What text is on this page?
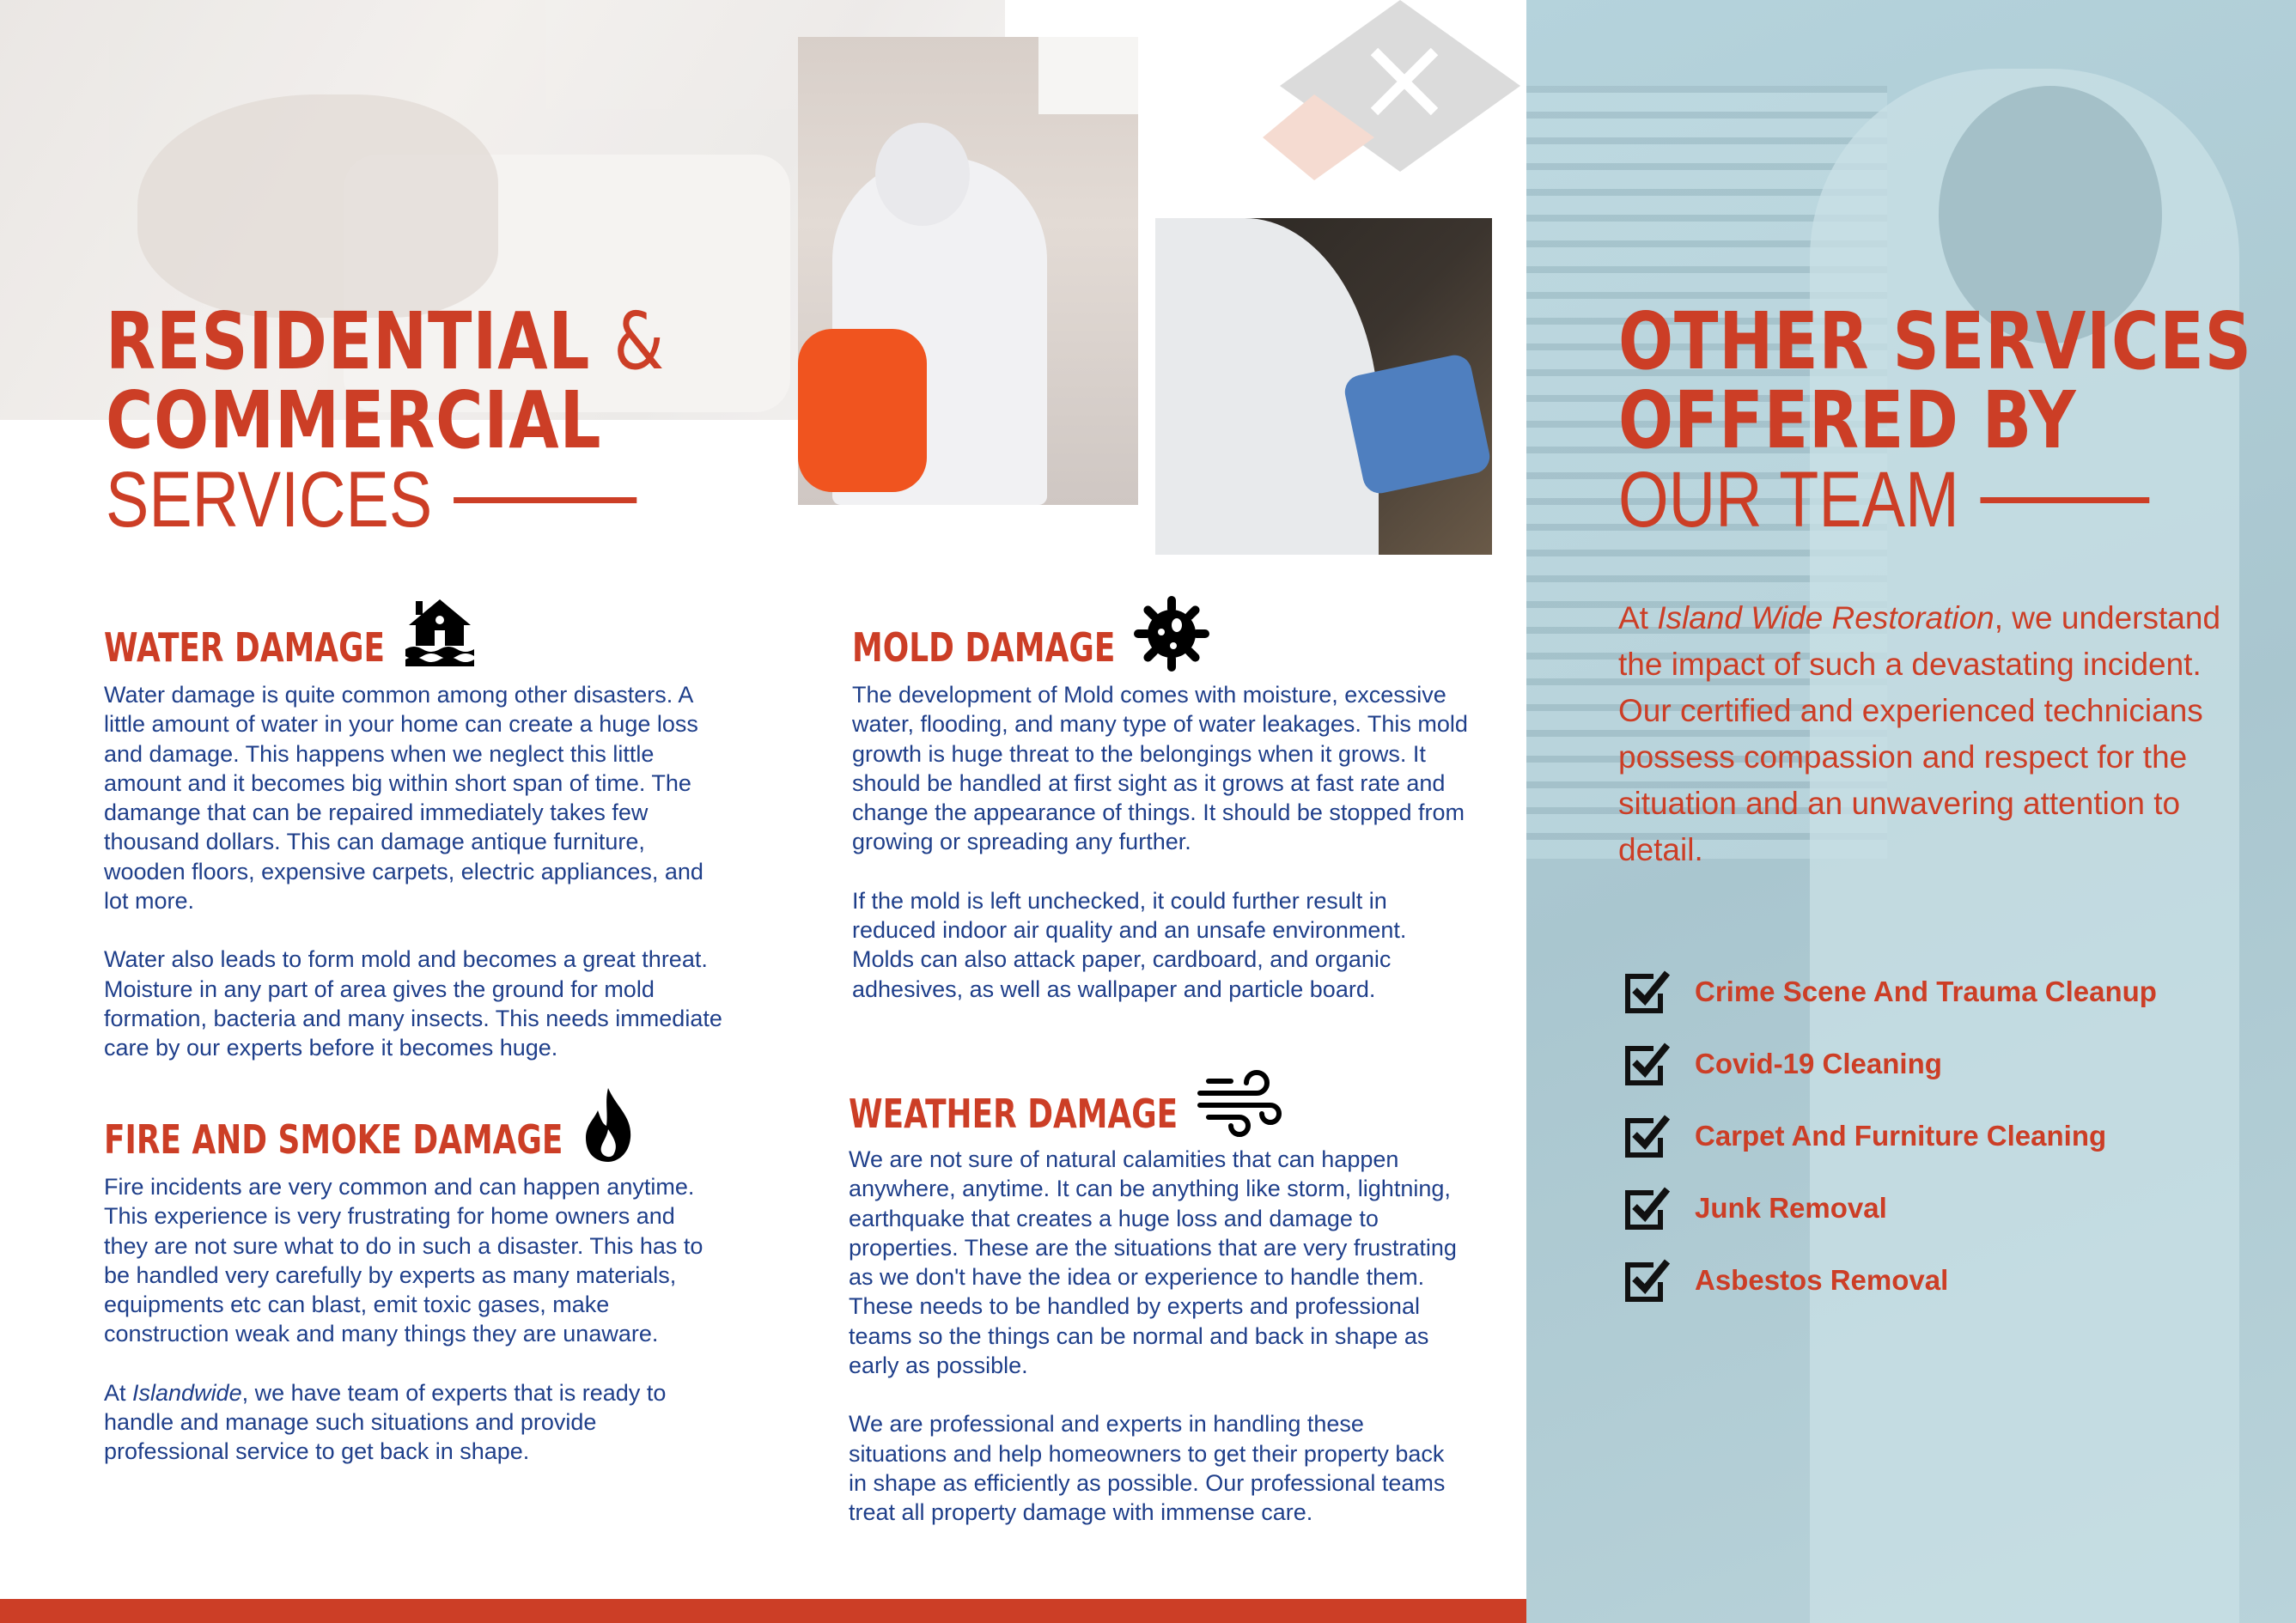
RESIDENTIAL &
COMMERCIAL
SERVICES
WATER DAMAGE

Water damage is quite common among other disasters. A little amount of water in your home can create a huge loss and damage. This happens when we neglect this little amount and it becomes big within short span of time. The damange that can be repaired immediately takes few thousand dollars. This can damage antique furniture, wooden floors, expensive carpets, electric appliances, and lot more.

Water also leads to form mold and becomes a great threat. Moisture in any part of area gives the ground for mold formation, bacteria and many insects. This needs immediate care by our experts before it becomes huge.

FIRE AND SMOKE DAMAGE

Fire incidents are very common and can happen anytime. This experience is very frustrating for home owners and they are not sure what to do in such a disaster. This has to be handled very carefully by experts as many materials, equipments etc can blast, emit toxic gases, make construction weak and many things they are unaware.

At Islandwide, we have team of experts that is ready to handle and manage such situations and provide professional service to get back in shape.

MOLD DAMAGE

The development of Mold comes with moisture, excessive water, flooding, and many type of water leakages. This mold growth is huge threat to the belongings when it grows. It should be handled at first sight as it grows at fast rate and change the appearance of things. It should be stopped from growing or spreading any further.

If the mold is left unchecked, it could further result in reduced indoor air quality and an unsafe environment. Molds can also attack paper, cardboard, and organic adhesives, as well as wallpaper and particle board.

WEATHER DAMAGE

We are not sure of natural calamities that can happen anywhere, anytime. It can be anything like storm, lightning, earthquake that creates a huge loss and damage to properties. These are the situations that are very frustrating as we don't have the idea or experience to handle them. These needs to be handled by experts and professional teams so the things can be normal and back in shape as early as possible.

We are professional and experts in handling these situations and help homeowners to get their property back in shape as efficiently as possible. Our professional teams treat all property damage with immense care.

OTHER SERVICES
OFFERED BY
OUR TEAM
At Island Wide Restoration, we understand the impact of such a devastating incident. Our certified and experienced technicians possess compassion and respect for the situation and an unwavering attention to detail.
Crime Scene And Trauma Cleanup
Covid-19 Cleaning
Carpet And Furniture Cleaning
Junk Removal
Asbestos Removal
